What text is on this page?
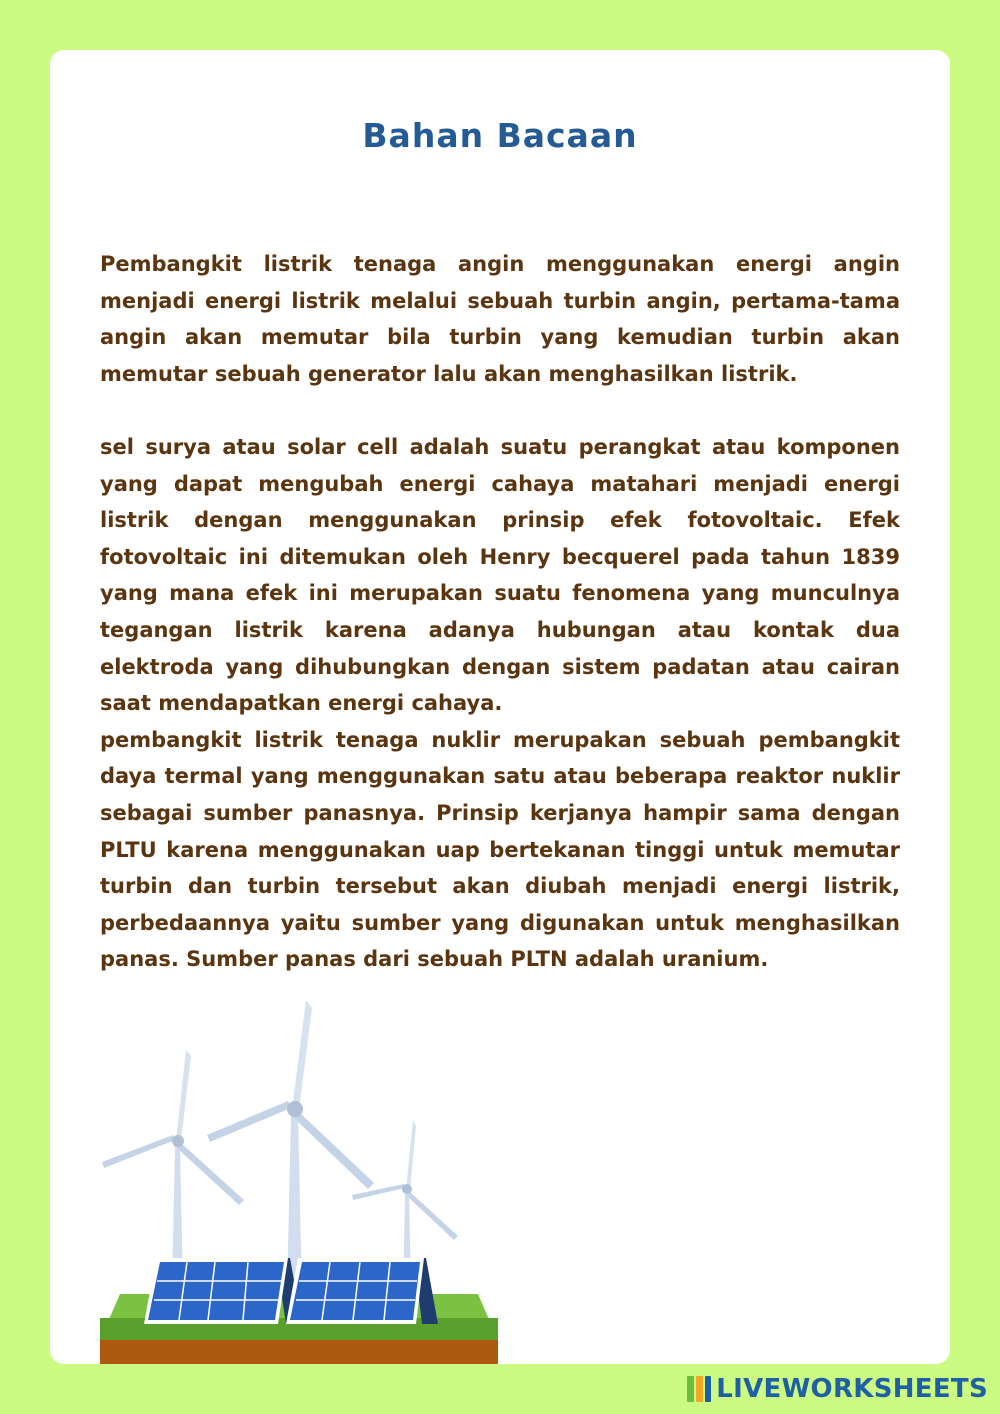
Bahan Bacaan

Pembangkit listrik tenaga angin menggunakan energi angin menjadi energi listrik melalui sebuah turbin angin, pertama-tama angin akan memutar bila turbin yang kemudian turbin akan memutar sebuah generator lalu akan menghasilkan listrik.

sel surya atau solar cell adalah suatu perangkat atau komponen yang dapat mengubah energi cahaya matahari menjadi energi listrik dengan menggunakan prinsip efek fotovoltaic. Efek fotovoltaic ini ditemukan oleh Henry becquerel pada tahun 1839 yang mana efek ini merupakan suatu fenomena yang munculnya tegangan listrik karena adanya hubungan atau kontak dua elektroda yang dihubungkan dengan sistem padatan atau cairan saat mendapatkan energi cahaya.

pembangkit listrik tenaga nuklir merupakan sebuah pembangkit daya termal yang menggunakan satu atau beberapa reaktor nuklir sebagai sumber panasnya. Prinsip kerjanya hampir sama dengan PLTU karena menggunakan uap bertekanan tinggi untuk memutar turbin dan turbin tersebut akan diubah menjadi energi listrik, perbedaannya yaitu sumber yang digunakan untuk menghasilkan panas. Sumber panas dari sebuah PLTN adalah uranium.

LIVEWORKSHEETS
